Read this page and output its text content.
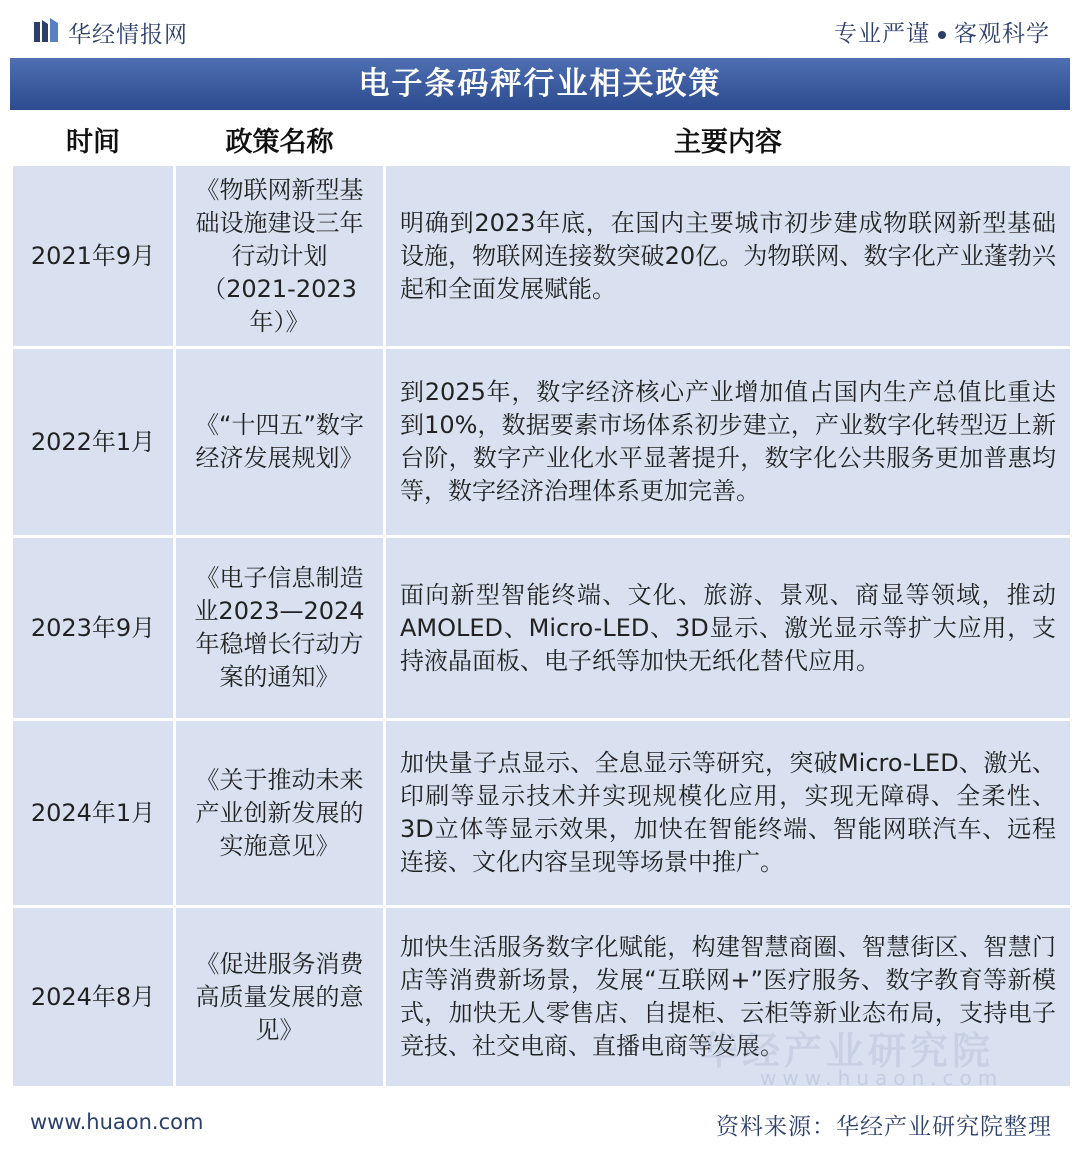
华经情报网	专业严谨 客观科学
电子条码秤行业相关政策
时间	政策名称	主要内容
2021年9月	《物联网新型基础设施建设三年行动计划（2021-2023年）》	明确到2023年底，在国内主要城市初步建成物联网新型基础设施，物联网连接数突破20亿。为物联网、数字化产业蓬勃兴起和全面发展赋能。
2022年1月	《“十四五”数字经济发展规划》	到2025年，数字经济核心产业增加值占国内生产总值比重达到10%，数据要素市场体系初步建立，产业数字化转型迈上新台阶，数字产业化水平显著提升，数字化公共服务更加普惠均等，数字经济治理体系更加完善。
2023年9月	《电子信息制造业2023—2024年稳增长行动方案的通知》	面向新型智能终端、文化、旅游、景观、商显等领域，推动AMOLED、Micro-LED、3D显示、激光显示等扩大应用，支持液晶面板、电子纸等加快无纸化替代应用。
2024年1月	《关于推动未来产业创新发展的实施意见》	加快量子点显示、全息显示等研究，突破Micro-LED、激光、印刷等显示技术并实现规模化应用，实现无障碍、全柔性、3D立体等显示效果，加快在智能终端、智能网联汽车、远程连接、文化内容呈现等场景中推广。
2024年8月	《促进服务消费高质量发展的意见》	加快生活服务数字化赋能，构建智慧商圈、智慧街区、智慧门店等消费新场景，发展“互联网+”医疗服务、数字教育等新模式，加快无人零售店、自提柜、云柜等新业态布局，支持电子竞技、社交电商、直播电商等发展。
www.huaon.com
www.huaon.com	资料来源：华经产业研究院整理
